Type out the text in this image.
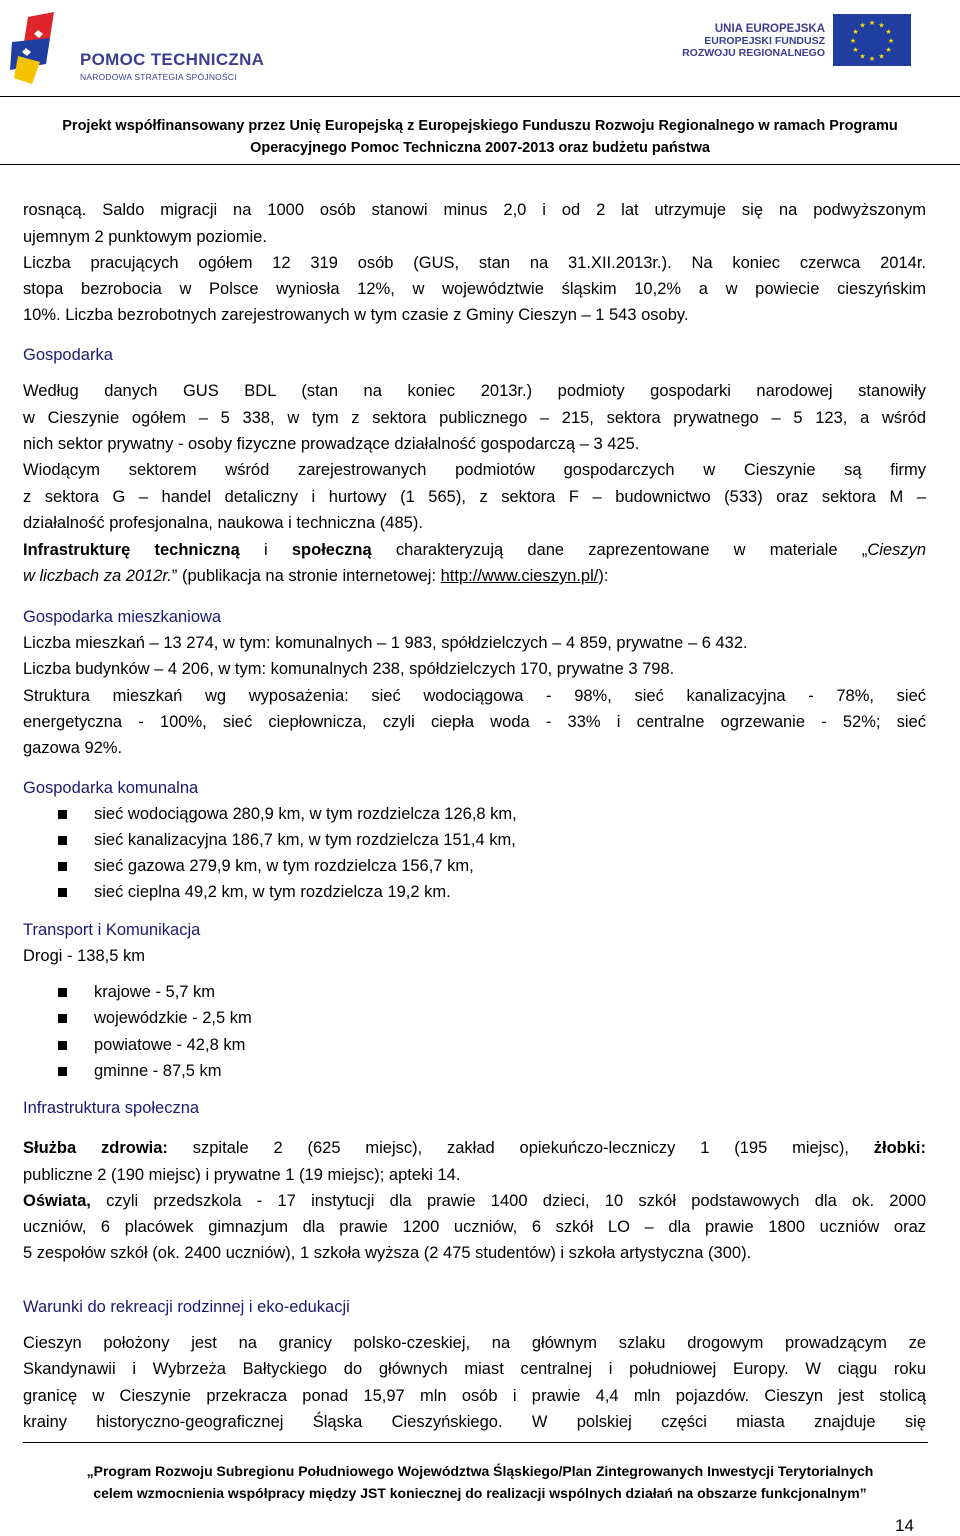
POMOC TECHNICZNA
NARODOWA STRATEGIA SPÓJNOŚCI
UNIA EUROPEJSKA
EUROPEJSKI FUNDUSZ
ROZWOJU REGIONALNEGO
★ ★
★
★
★
★
★
★
★
★
★
★
Projekt współfinansowany przez Unię Europejską z Europejskiego Funduszu Rozwoju Regionalnego w ramach Programu
Operacyjnego Pomoc Techniczna 2007-2013 oraz budżetu państwa
rosnącą. Saldo migracji na 1000 osób stanowi minus 2,0 i od 2 lat utrzymuje się na podwyższonym
ujemnym 2 punktowym poziomie.
Liczba pracujących ogółem 12 319 osób (GUS, stan na 31.XII.2013r.). Na koniec czerwca 2014r.
stopa bezrobocia w Polsce wyniosła 12%, w województwie śląskim 10,2% a w powiecie cieszyńskim
10%. Liczba bezrobotnych zarejestrowanych w tym czasie z Gminy Cieszyn – 1 543 osoby.
Gospodarka
Według danych GUS BDL (stan na koniec 2013r.) podmioty gospodarki narodowej stanowiły
w Cieszynie ogółem – 5 338, w tym z sektora publicznego – 215, sektora prywatnego – 5 123, a wśród
nich sektor prywatny - osoby fizyczne prowadzące działalność gospodarczą – 3 425.
Wiodącym sektorem wśród zarejestrowanych podmiotów gospodarczych w Cieszynie są firmy
z sektora G – handel detaliczny i hurtowy (1 565), z sektora F – budownictwo (533) oraz sektora M –
działalność profesjonalna, naukowa i techniczna (485).
Infrastrukturę techniczną i społeczną charakteryzują dane zaprezentowane w materiale „Cieszyn
w liczbach za 2012r.” (publikacja na stronie internetowej: http://www.cieszyn.pl/):
Gospodarka mieszkaniowa
Liczba mieszkań – 13 274, w tym: komunalnych – 1 983, spółdzielczych – 4 859, prywatne – 6 432.
Liczba budynków – 4 206, w tym: komunalnych 238, spółdzielczych 170, prywatne 3 798.
Struktura mieszkań wg wyposażenia: sieć wodociągowa - 98%, sieć kanalizacyjna - 78%, sieć
energetyczna - 100%, sieć ciepłownicza, czyli ciepła woda - 33% i centralne ogrzewanie - 52%; sieć
gazowa 92%.
Gospodarka komunalna
sieć wodociągowa 280,9 km, w tym rozdzielcza 126,8 km,
sieć kanalizacyjna 186,7 km, w tym rozdzielcza 151,4 km,
sieć gazowa 279,9 km, w tym rozdzielcza 156,7 km,
sieć cieplna 49,2 km, w tym rozdzielcza 19,2 km.
Transport i Komunikacja
Drogi - 138,5 km
krajowe - 5,7 km
wojewódzkie - 2,5 km
powiatowe - 42,8 km
gminne - 87,5 km
Infrastruktura społeczna
Służba zdrowia: szpitale 2 (625 miejsc), zakład opiekuńczo-leczniczy 1 (195 miejsc), żłobki:
publiczne 2 (190 miejsc) i prywatne 1 (19 miejsc); apteki 14.
Oświata, czyli przedszkola - 17 instytucji dla prawie 1400 dzieci, 10 szkół podstawowych dla ok. 2000
uczniów, 6 placówek gimnazjum dla prawie 1200 uczniów, 6 szkół LO – dla prawie 1800 uczniów oraz
5 zespołów szkół (ok. 2400 uczniów), 1 szkoła wyższa (2 475 studentów) i szkoła artystyczna (300).
Warunki do rekreacji rodzinnej i eko-edukacji
Cieszyn położony jest na granicy polsko-czeskiej, na głównym szlaku drogowym prowadzącym ze
Skandynawii i Wybrzeża Bałtyckiego do głównych miast centralnej i południowej Europy. W ciągu roku
granicę w Cieszynie przekracza ponad 15,97 mln osób i prawie 4,4 mln pojazdów. Cieszyn jest stolicą
krainy historyczno-geograficznej Śląska Cieszyńskiego. W polskiej części miasta znajduje się
„Program Rozwoju Subregionu Południowego Województwa Śląskiego/Plan Zintegrowanych Inwestycji Terytorialnych
celem wzmocnienia współpracy między JST koniecznej do realizacji wspólnych działań na obszarze funkcjonalnym”
14
